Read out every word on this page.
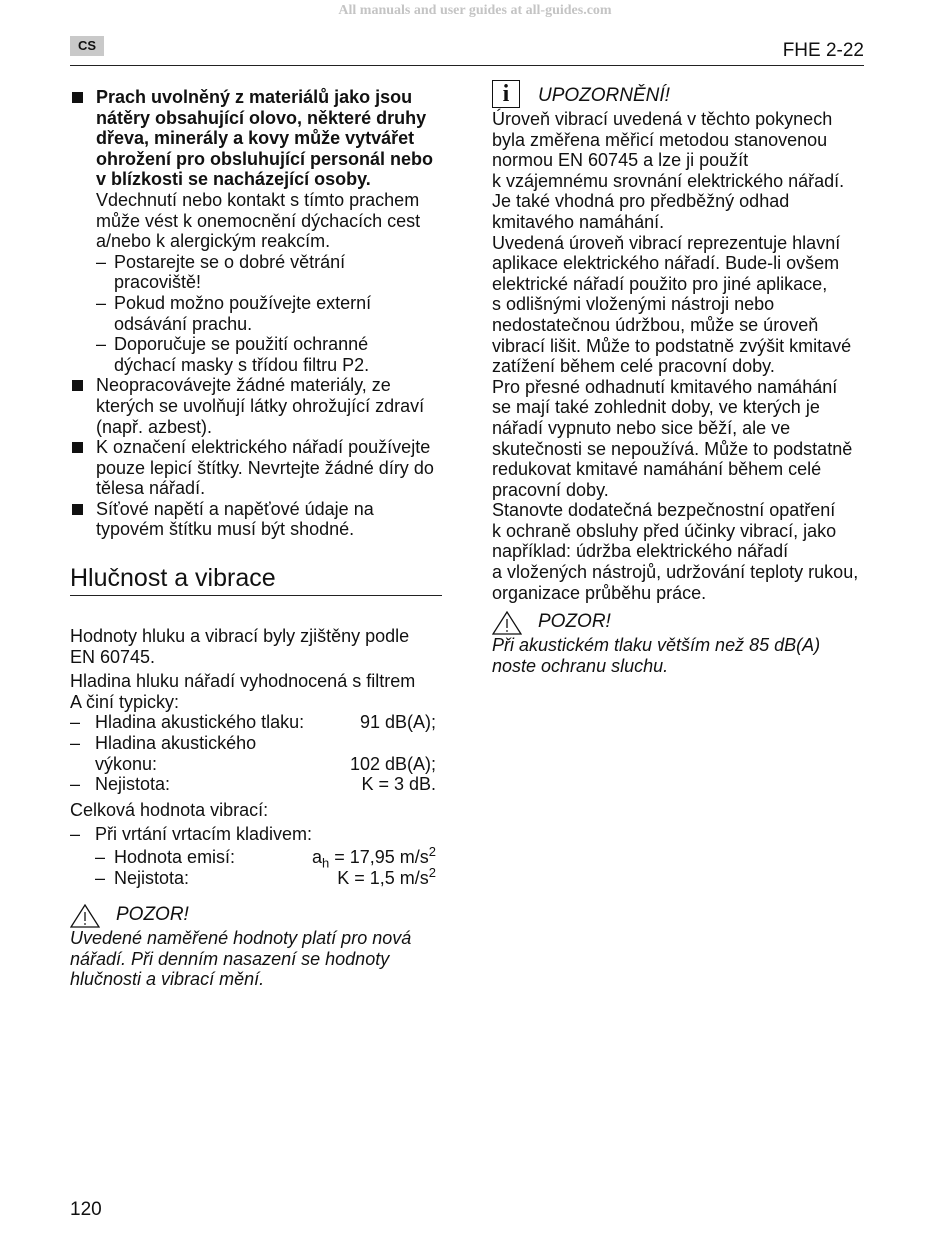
All manuals and user guides at all-guides.com
CS	FHE 2-22
Prach uvolněný z materiálů jako jsou
nátěry obsahující olovo, některé druhy
dřeva, minerály a kovy může vytvářet
ohrožení pro obsluhující personál nebo
v blízkosti se nacházející osoby.
Vdechnutí nebo kontakt s tímto prachem
může vést k onemocnění dýchacích cest
a/nebo k alergickým reakcím.
– Postarejte se o dobré větrání
pracoviště!
– Pokud možno používejte externí
odsávání prachu.
– Doporučuje se použití ochranné
dýchací masky s třídou filtru P2.
Neopracovávejte žádné materiály, ze
kterých se uvolňují látky ohrožující zdraví
(např. azbest).
K označení elektrického nářadí používejte
pouze lepicí štítky. Nevrtejte žádné díry do
tělesa nářadí.
Síťové napětí a napěťové údaje na
typovém štítku musí být shodné.
Hlučnost a vibrace
Hodnoty hluku a vibrací byly zjištěny podle
EN 60745.
Hladina hluku nářadí vyhodnocená s filtrem
A činí typicky:
– Hladina akustického tlaku:	91 dB(A);
– Hladina akustického
výkonu:	102 dB(A);
– Nejistota:	K = 3 dB.
Celková hodnota vibrací:
– Při vrtání vrtacím kladivem:
– Hodnota emisí:	$a_h = 17,95$ $m/s^2$
– Nejistota:	K = 1,5 $m/s^2$
POZOR!
Uvedené naměřené hodnoty platí pro nová
nářadí. Při denním nasazení se hodnoty
hlučnosti a vibrací mění.
i	UPOZORNĚNÍ!
Úroveň vibrací uvedená v těchto pokynech
byla změřena měřicí metodou stanovenou
normou EN 60745 a lze ji použít
k vzájemnému srovnání elektrického nářadí.
Je také vhodná pro předběžný odhad
kmitavého namáhání.
Uvedená úroveň vibrací reprezentuje hlavní
aplikace elektrického nářadí. Bude-li ovšem
elektrické nářadí použito pro jiné aplikace,
s odlišnými vloženými nástroji nebo
nedostatečnou údržbou, může se úroveň
vibrací lišit. Může to podstatně zvýšit kmitavé
zatížení během celé pracovní doby.
Pro přesné odhadnutí kmitavého namáhání
se mají také zohlednit doby, ve kterých je
nářadí vypnuto nebo sice běží, ale ve
skutečnosti se nepoužívá. Může to podstatně
redukovat kmitavé namáhání během celé
pracovní doby.
Stanovte dodatečná bezpečnostní opatření
k ochraně obsluhy před účinky vibrací, jako
například: údržba elektrického nářadí
a vložených nástrojů, udržování teploty rukou,
organizace průběhu práce.
POZOR!
Při akustickém tlaku větším než 85 dB(A)
noste ochranu sluchu.
120
